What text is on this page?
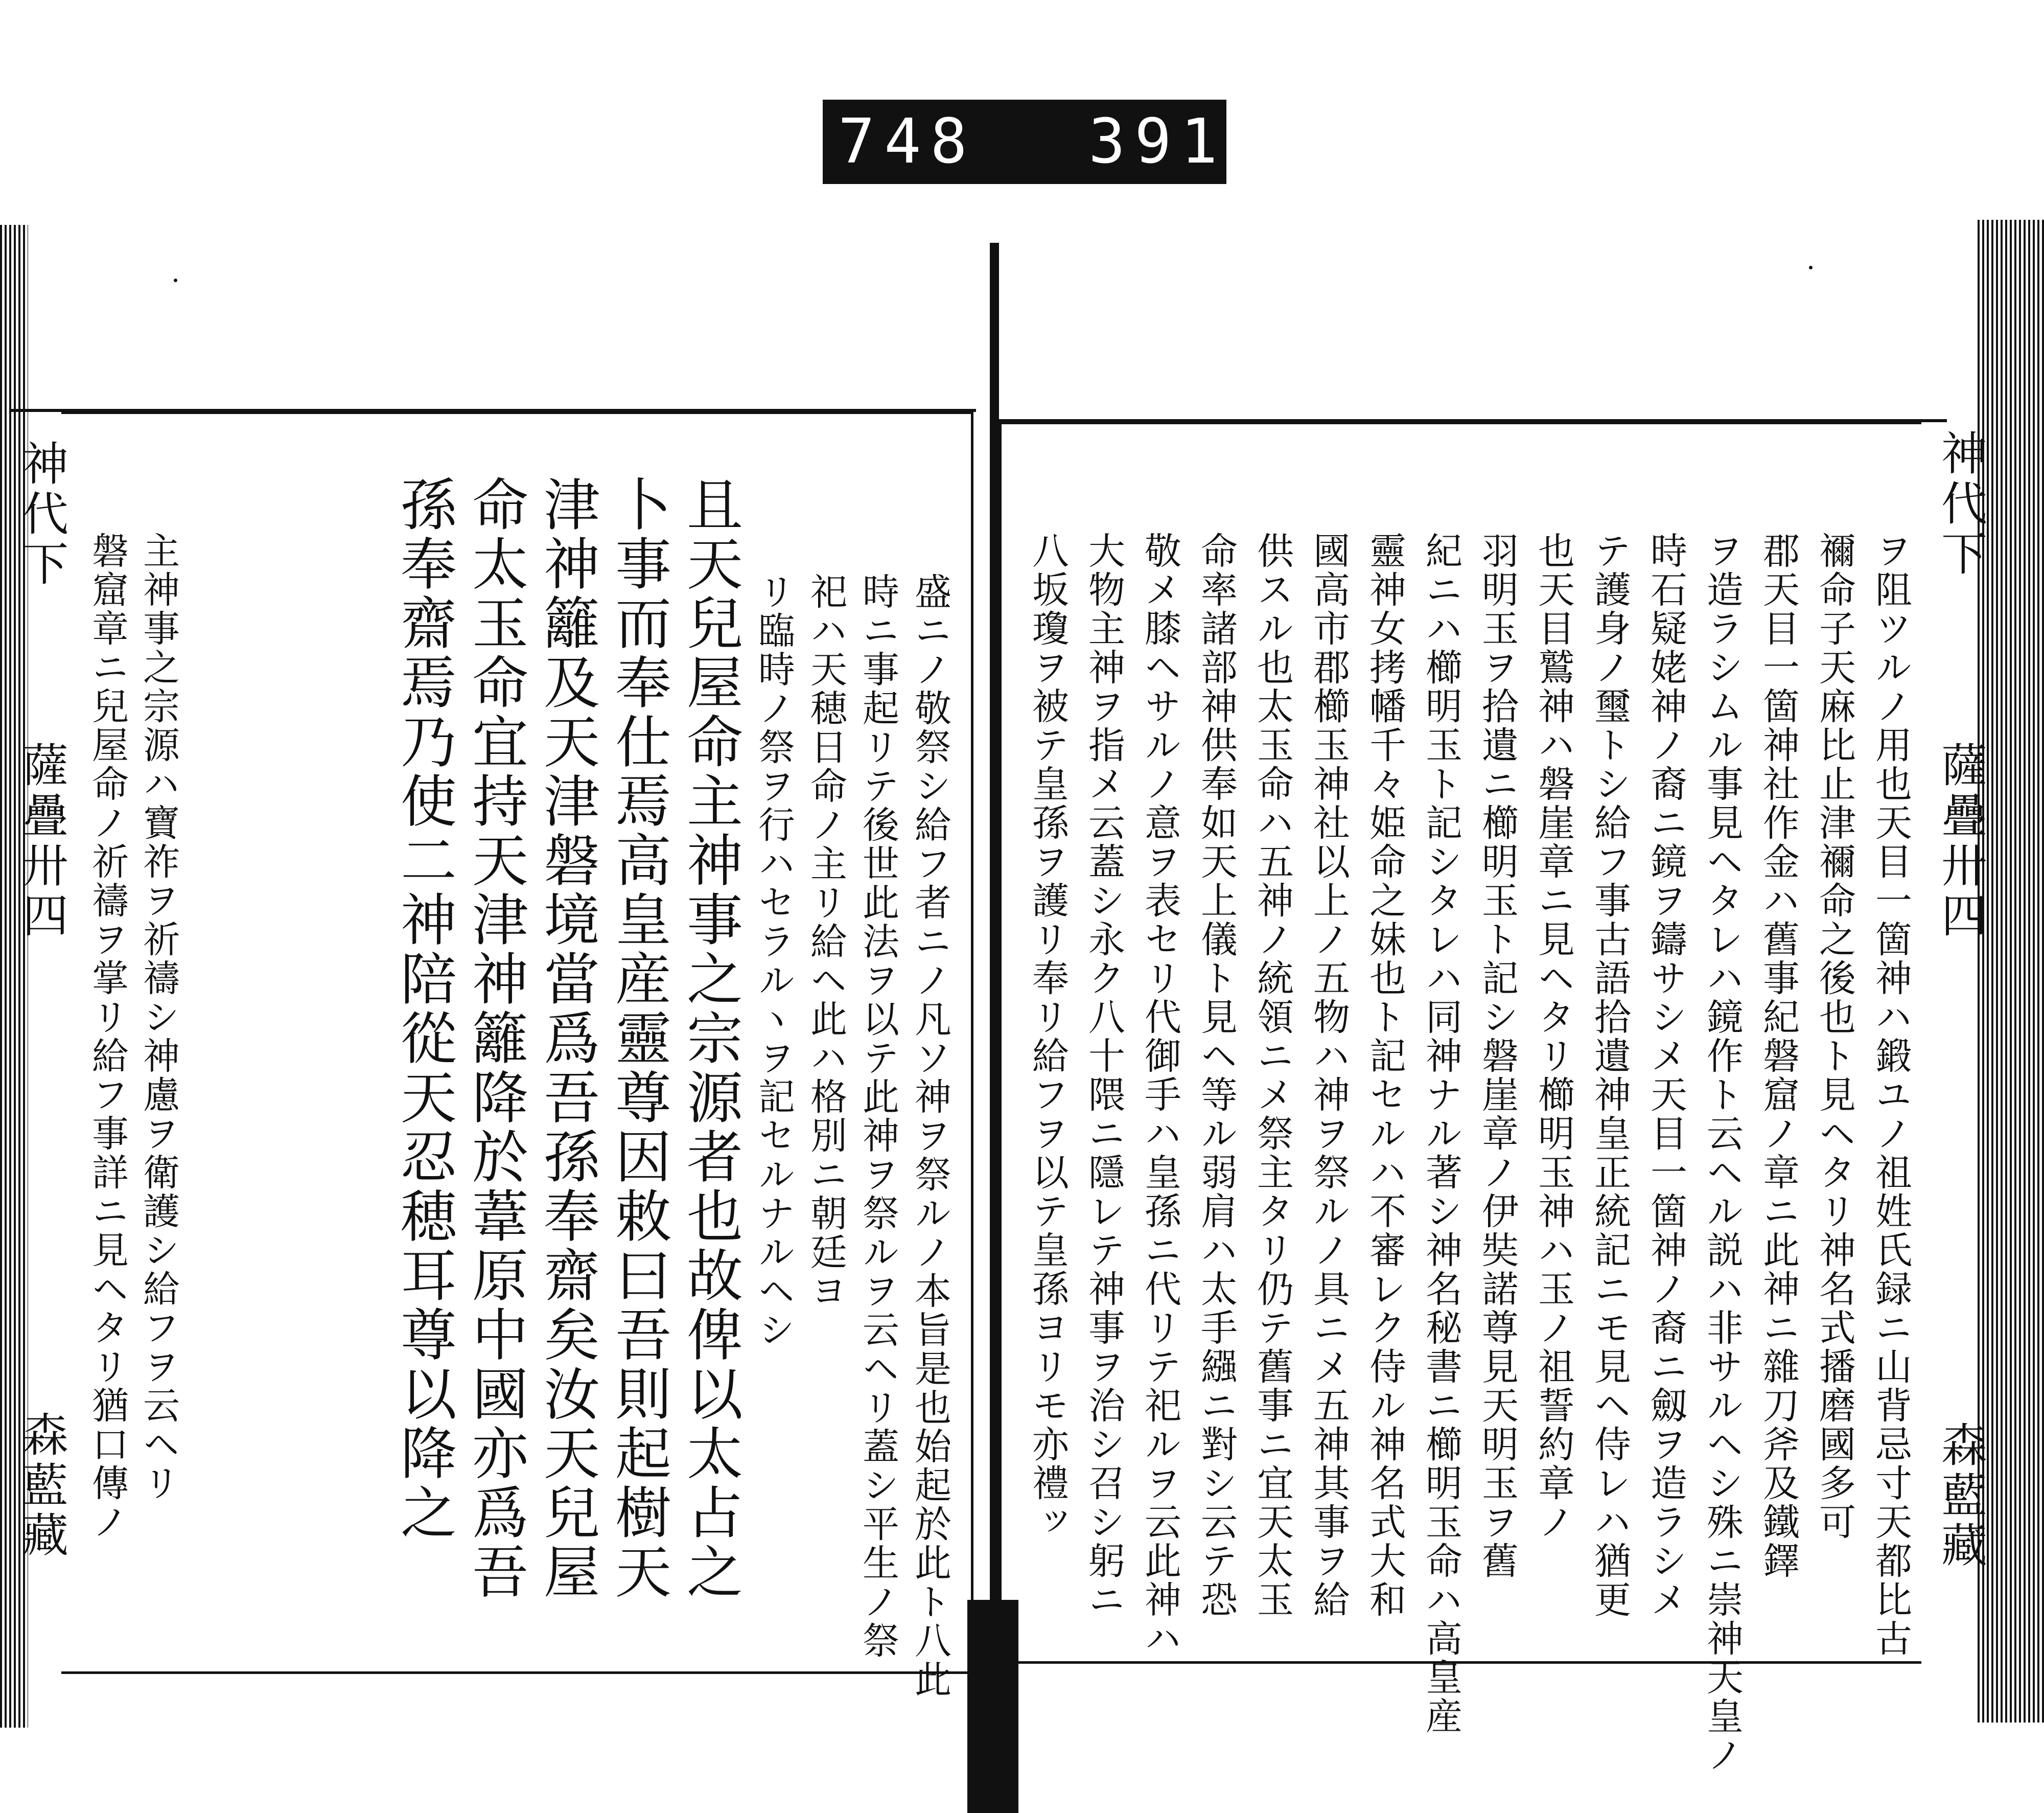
748 391
神代下
薩疊卅四
森藍藏
ヲ阻ツルノ用也天目一箇神ハ鍛ユノ祖姓氏録ニ山背忌寸天都比古
禰命子天麻比止津禰命之後也ト見ヘタリ神名式播磨國多可
郡天目一箇神社作金ハ舊事紀磐窟ノ章ニ此神ニ雜刀斧及鐵鐸
ヲ造ラシムル事見ヘタレハ鏡作ト云ヘル説ハ非サルヘシ殊ニ崇神天皇ノ
時石疑姥神ノ裔ニ鏡ヲ鑄サシメ天目一箇神ノ裔ニ劔ヲ造ラシメ
テ護身ノ璽トシ給フ事古語拾遺神皇正統記ニモ見ヘ侍レハ猶更
也天目鷲神ハ磐崖章ニ見ヘタリ櫛明玉神ハ玉ノ祖誓約章ノ
羽明玉ヲ拾遺ニ櫛明玉ト記シ磐崖章ノ伊奘諾尊見天明玉ヲ舊
紀ニハ櫛明玉ト記シタレハ同神ナル著シ神名秘書ニ櫛明玉命ハ高皇産
靈神女拷幡千々姫命之妹也ト記セルハ不審レク侍ル神名式大和
國高市郡櫛玉神社以上ノ五物ハ神ヲ祭ルノ具ニメ五神其事ヲ給
供スル也太玉命ハ五神ノ統領ニメ祭主タリ仍テ舊事ニ宜天太玉
命率諸部神供奉如天上儀ト見ヘ等ル弱肩ハ太手繦ニ對シ云テ恐
敬メ膝ヘサルノ意ヲ表セリ代御手ハ皇孫ニ代リテ祀ルヲ云此神ハ
大物主神ヲ指メ云蓋シ永ク八十隈ニ隱レテ神事ヲ治シ召シ躬ニ
八坂瓊ヲ被テ皇孫ヲ護リ奉リ給フヲ以テ皇孫ヨリモ亦禮ッ
神代下
薩疊卅四
森藍藏	盛ニノ敬祭シ給フ者ニノ凡ソ神ヲ祭ルノ本旨是也始起於此ト八此
時ニ事起リテ後世此法ヲ以テ此神ヲ祭ルヲ云ヘリ蓋シ平生ノ祭
祀ハ天穂日命ノ主リ給ヘ此ハ格別ニ朝廷ヨ
リ臨時ノ祭ヲ行ハセラルヽヲ記セルナルヘシ
且天兒屋命主神事之宗源者也故俾以太占之
卜事而奉仕焉高皇産靈尊因敕曰吾則起樹天
津神籬及天津磐境當爲吾孫奉齋矣汝天兒屋
命太玉命宜持天津神籬降於葦原中國亦爲吾
孫奉齋焉乃使二神陪從天忍穂耳尊以降之
主神事之宗源ハ寶祚ヲ祈禱シ神慮ヲ衛護シ給フヲ云ヘリ
磐窟章ニ兒屋命ノ祈禱ヲ掌リ給フ事詳ニ見ヘタリ猶口傳ノ
